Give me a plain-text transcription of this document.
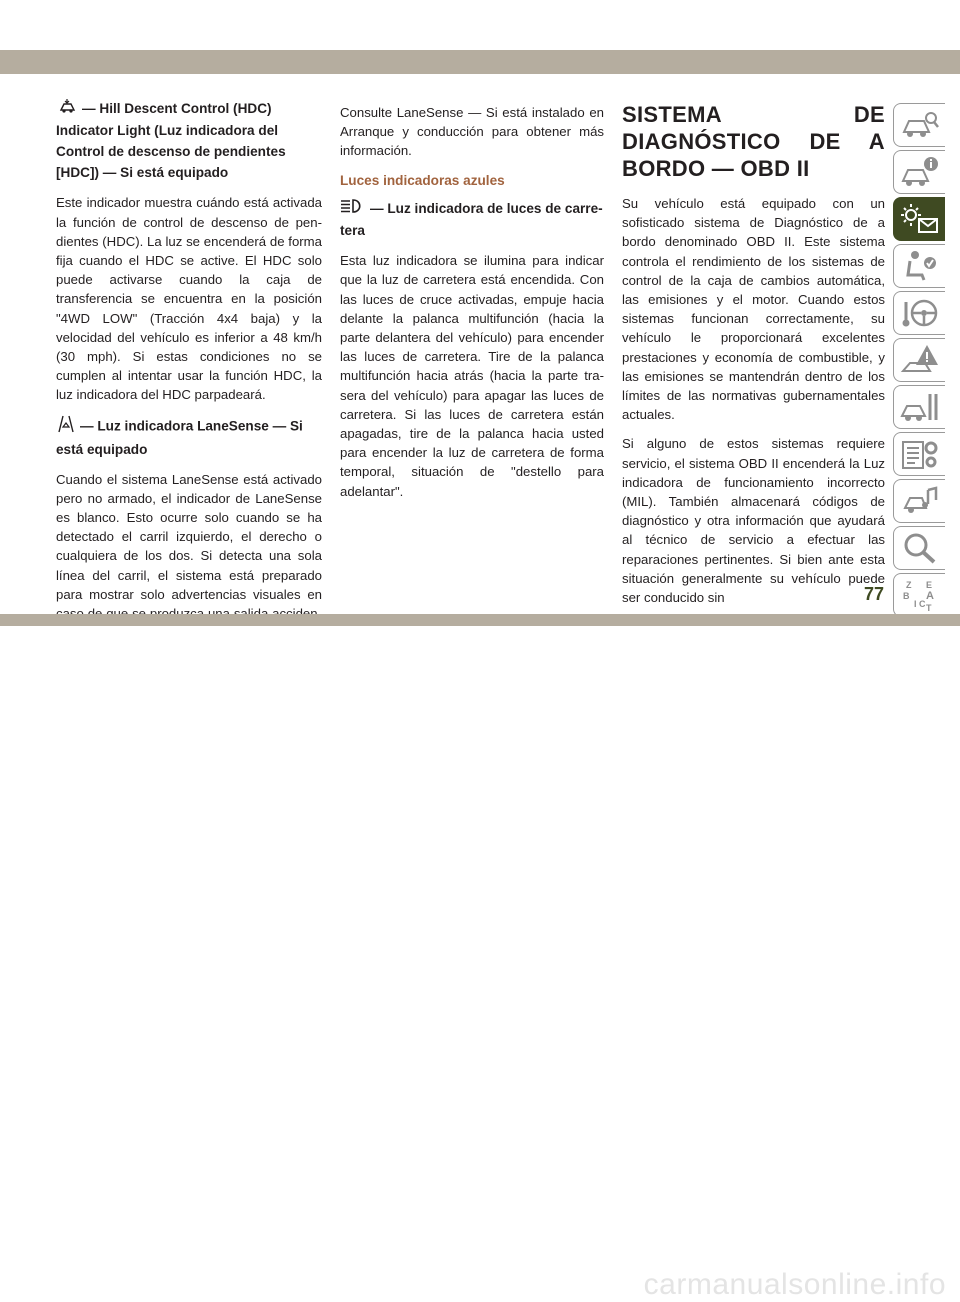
— Hill Descent Control (HDC) Indicator Light (Luz indicadora del Control de descenso de pendientes [HDC]) — Si está equipado

Este indicador muestra cuándo está activada la función de control de descenso de pendientes (HDC). La luz se encenderá de forma fija cuando el HDC se active. El HDC solo puede activarse cuando la caja de transferencia se encuentra en la posición "4WD LOW" (Tracción 4x4 baja) y la velocidad del vehículo es inferior a 48 km/h (30 mph). Si estas condiciones no se cumplen al intentar usar la función HDC, la luz indicadora del HDC parpadeará.

— Luz indicadora LaneSense — Si está equipado

Cuando el sistema LaneSense está activado pero no armado, el indicador de LaneSense es blanco. Esto ocurre solo cuando se ha detectado el carril izquierdo, el derecho o cualquiera de los dos. Si detecta una sola línea del carril, el sistema está preparado para mostrar solo advertencias visuales en

Consulte LaneSense — Si está instalado en Arranque y conducción para obtener más información.

Luces indicadoras azules
— Luz indicadora de luces de carretera

Esta luz indicadora se ilumina para indicar que la luz de carretera está encendida. Con las luces de cruce activadas, empuje hacia delante la palanca multifunción (hacia la parte delantera del vehículo) para encender las luces de carretera. Tire de la palanca multifunción hacia atrás (hacia la parte trasera del vehículo) para apagar las luces de carretera. Si las luces de carretera están apagadas, tire de la palanca hacia usted para encender la luz de carretera de forma temporal, situación de "destello para adelantar".

SISTEMA DE DIAGNÓSTICO DE A BORDO — OBD II

Su vehículo está equipado con un sofisticado sistema de Diagnóstico de a bordo denominado OBD II. Este sistema controla el rendimiento de los sistemas de control de la caja de cambios automática, las emisiones y el motor. Cuando estos sistemas funcionan correctamente, su vehículo le proporcionará excelentes prestaciones y economía de combustible, y las emisiones se mantendrán dentro de los límites de las normativas gubernamentales actuales.

Si alguno de estos sistemas requiere servicio, el sistema OBD II encenderá la Luz indicadora de funcionamiento incorrecto (MIL). También almacenará códigos de diagnóstico y otra información que ayudará al técnico de servicio a efectuar las reparaciones pertinentes. Si bien ante esta situación generalmente su vehículo puede ser conducido sin

Z E
B A
I C T
77
carmanualsonline.info
